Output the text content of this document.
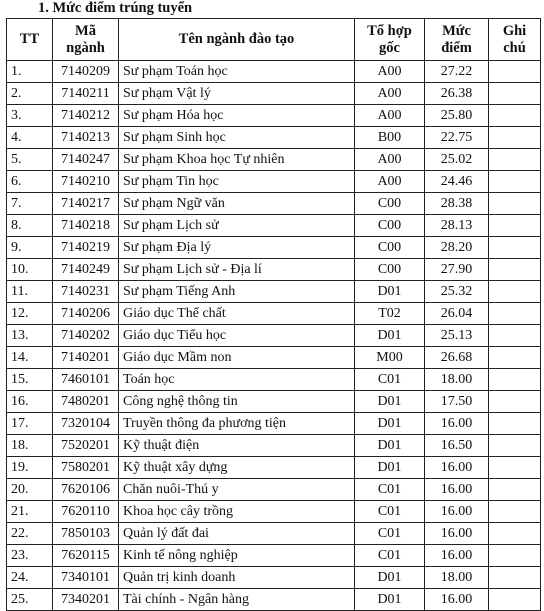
1. Mức điểm trúng tuyển
TT	Mã ngành	Tên ngành đào tạo	Tổ hợp gốc	Mức điểm	Ghi chú
1.	7140209	Sư phạm Toán học	A00	27.22	
2.	7140211	Sư phạm Vật lý	A00	26.38	
3.	7140212	Sư phạm Hóa học	A00	25.80	
4.	7140213	Sư phạm Sinh học	B00	22.75	
5.	7140247	Sư phạm Khoa học Tự nhiên	A00	25.02	
6.	7140210	Sư phạm Tin học	A00	24.46	
7.	7140217	Sư phạm Ngữ văn	C00	28.38	
8.	7140218	Sư phạm Lịch sử	C00	28.13	
9.	7140219	Sư phạm Địa lý	C00	28.20	
10.	7140249	Sư phạm Lịch sử - Địa lí	C00	27.90	
11.	7140231	Sư phạm Tiếng Anh	D01	25.32	
12.	7140206	Giáo dục Thể chất	T02	26.04	
13.	7140202	Giáo dục Tiểu học	D01	25.13	
14.	7140201	Giáo dục Mầm non	M00	26.68	
15.	7460101	Toán học	C01	18.00	
16.	7480201	Công nghệ thông tin	D01	17.50	
17.	7320104	Truyền thông đa phương tiện	D01	16.00	
18.	7520201	Kỹ thuật điện	D01	16.50	
19.	7580201	Kỹ thuật xây dựng	D01	16.00	
20.	7620106	Chăn nuôi-Thú y	C01	16.00	
21.	7620110	Khoa học cây trồng	C01	16.00	
22.	7850103	Quản lý đất đai	C01	16.00	
23.	7620115	Kinh tế nông nghiệp	C01	16.00	
24.	7340101	Quản trị kinh doanh	D01	18.00	
25.	7340201	Tài chính - Ngân hàng	D01	16.00	
